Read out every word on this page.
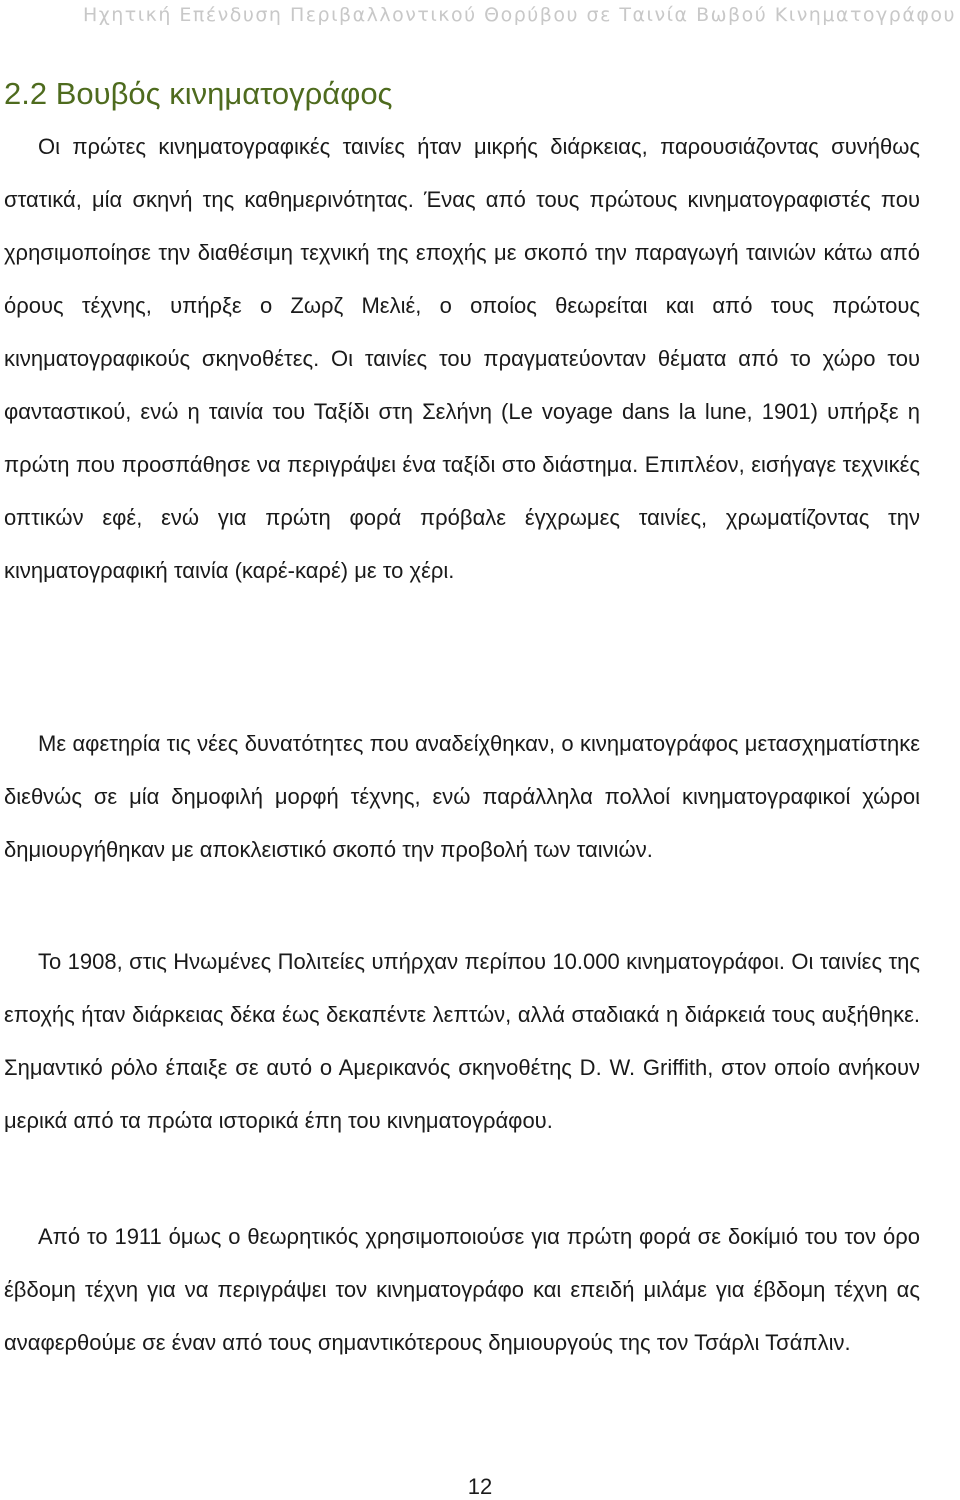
Ηχητική Επένδυση Περιβαλλοντικού Θορύβου σε Ταινία Βωβού Κινηματογράφου
2.2 Βουβός κινηματογράφος

Οι πρώτες κινηματογραφικές ταινίες ήταν μικρής διάρκειας, παρουσιάζοντας συνήθως στατικά, μία σκηνή της καθημερινότητας. Ένας από τους πρώτους κινηματογραφιστές που χρησιμοποίησε την διαθέσιμη τεχνική της εποχής με σκοπό την παραγωγή ταινιών κάτω από όρους τέχνης, υπήρξε ο Ζωρζ Μελιέ, ο οποίος θεωρείται και από τους πρώτους κινηματογραφικούς σκηνοθέτες. Οι ταινίες του πραγματεύονταν θέματα από το χώρο του φανταστικού, ενώ η ταινία του Ταξίδι στη Σελήνη (Le voyage dans la lune, 1901) υπήρξε η πρώτη που προσπάθησε να περιγράψει ένα ταξίδι στο διάστημα. Επιπλέον, εισήγαγε τεχνικές οπτικών εφέ, ενώ για πρώτη φορά πρόβαλε έγχρωμες ταινίες, χρωματίζοντας την κινηματογραφική ταινία (καρέ-καρέ) με το χέρι.

Με αφετηρία τις νέες δυνατότητες που αναδείχθηκαν, ο κινηματογράφος μετασχηματίστηκε διεθνώς σε μία δημοφιλή μορφή τέχνης, ενώ παράλληλα πολλοί κινηματογραφικοί χώροι δημιουργήθηκαν με αποκλειστικό σκοπό την προβολή των ταινιών.

Το 1908, στις Ηνωμένες Πολιτείες υπήρχαν περίπου 10.000 κινηματογράφοι. Οι ταινίες της εποχής ήταν διάρκειας δέκα έως δεκαπέντε λεπτών, αλλά σταδιακά η διάρκειά τους αυξήθηκε. Σημαντικό ρόλο έπαιξε σε αυτό ο Αμερικανός σκηνοθέτης D. W. Griffith, στον οποίο ανήκουν μερικά από τα πρώτα ιστορικά έπη του κινηματογράφου.

Από το 1911 όμως ο θεωρητικός χρησιμοποιούσε για πρώτη φορά σε δοκίμιό του τον όρο έβδομη τέχνη για να περιγράψει τον κινηματογράφο και επειδή μιλάμε για έβδομη τέχνη ας αναφερθούμε σε έναν από τους σημαντικότερους δημιουργούς της τον Τσάρλι Τσάπλιν.

12
